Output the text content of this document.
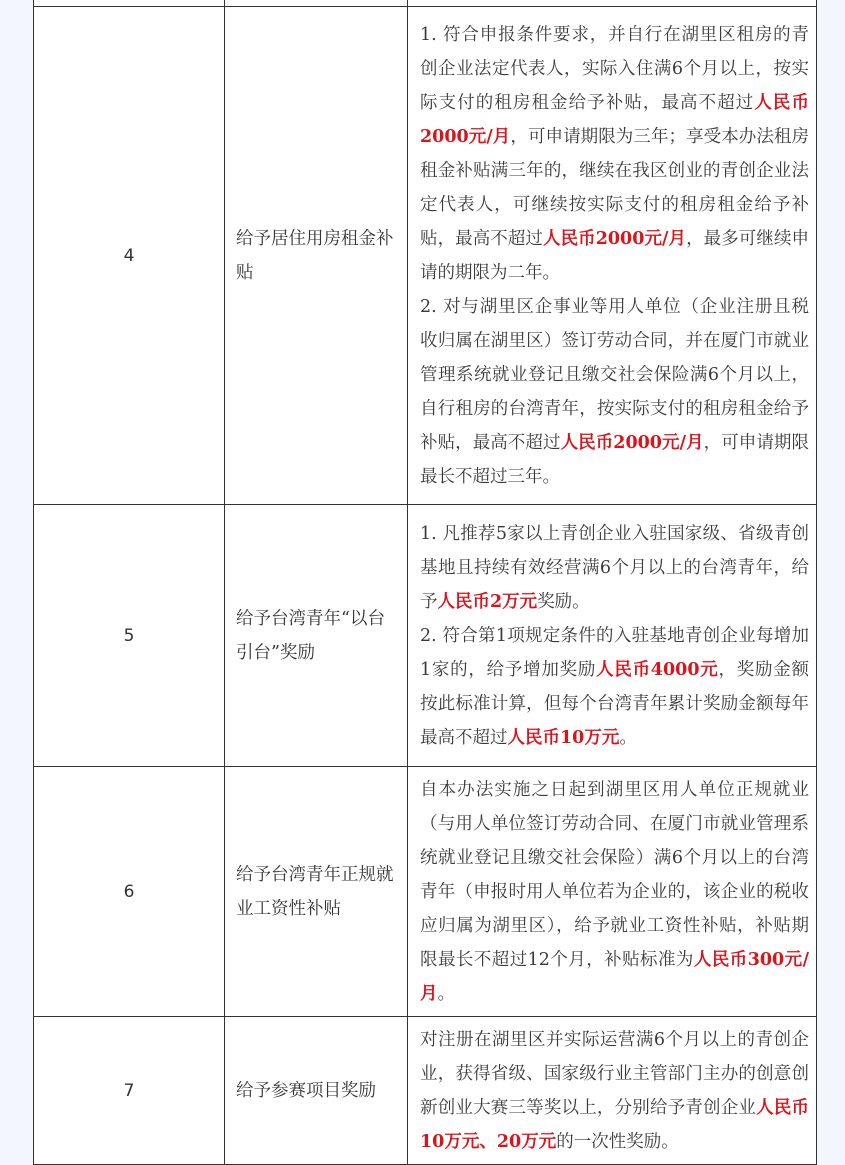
4	给予居住用房租金补贴	1. 符合申报条件要求，并自行在湖里区租房的青创企业法定代表人，实际入住满6个月以上，按实际支付的租房租金给予补贴，最高不超过人民币2000元/月，可申请期限为三年；享受本办法租房租金补贴满三年的，继续在我区创业的青创企业法定代表人，可继续按实际支付的租房租金给予补贴，最高不超过人民币2000元/月，最多可继续申请的期限为二年。
2. 对与湖里区企事业等用人单位（企业注册且税收归属在湖里区）签订劳动合同，并在厦门市就业管理系统就业登记且缴交社会保险满6个月以上，自行租房的台湾青年，按实际支付的租房租金给予补贴，最高不超过人民币2000元/月，可申请期限最长不超过三年。
5	给予台湾青年“以台引台”奖励	1. 凡推荐5家以上青创企业入驻国家级、省级青创基地且持续有效经营满6个月以上的台湾青年，给予人民币2万元奖励。
2. 符合第1项规定条件的入驻基地青创企业每增加1家的，给予增加奖励人民币4000元，奖励金额按此标准计算，但每个台湾青年累计奖励金额每年最高不超过人民币10万元。
6	给予台湾青年正规就业工资性补贴	自本办法实施之日起到湖里区用人单位正规就业（与用人单位签订劳动合同、在厦门市就业管理系统就业登记且缴交社会保险）满6个月以上的台湾青年（申报时用人单位若为企业的，该企业的税收应归属为湖里区），给予就业工资性补贴，补贴期限最长不超过12个月，补贴标准为人民币300元/月。
7	给予参赛项目奖励	对注册在湖里区并实际运营满6个月以上的青创企业，获得省级、国家级行业主管部门主办的创意创新创业大赛三等奖以上，分别给予青创企业人民币10万元、20万元的一次性奖励。
